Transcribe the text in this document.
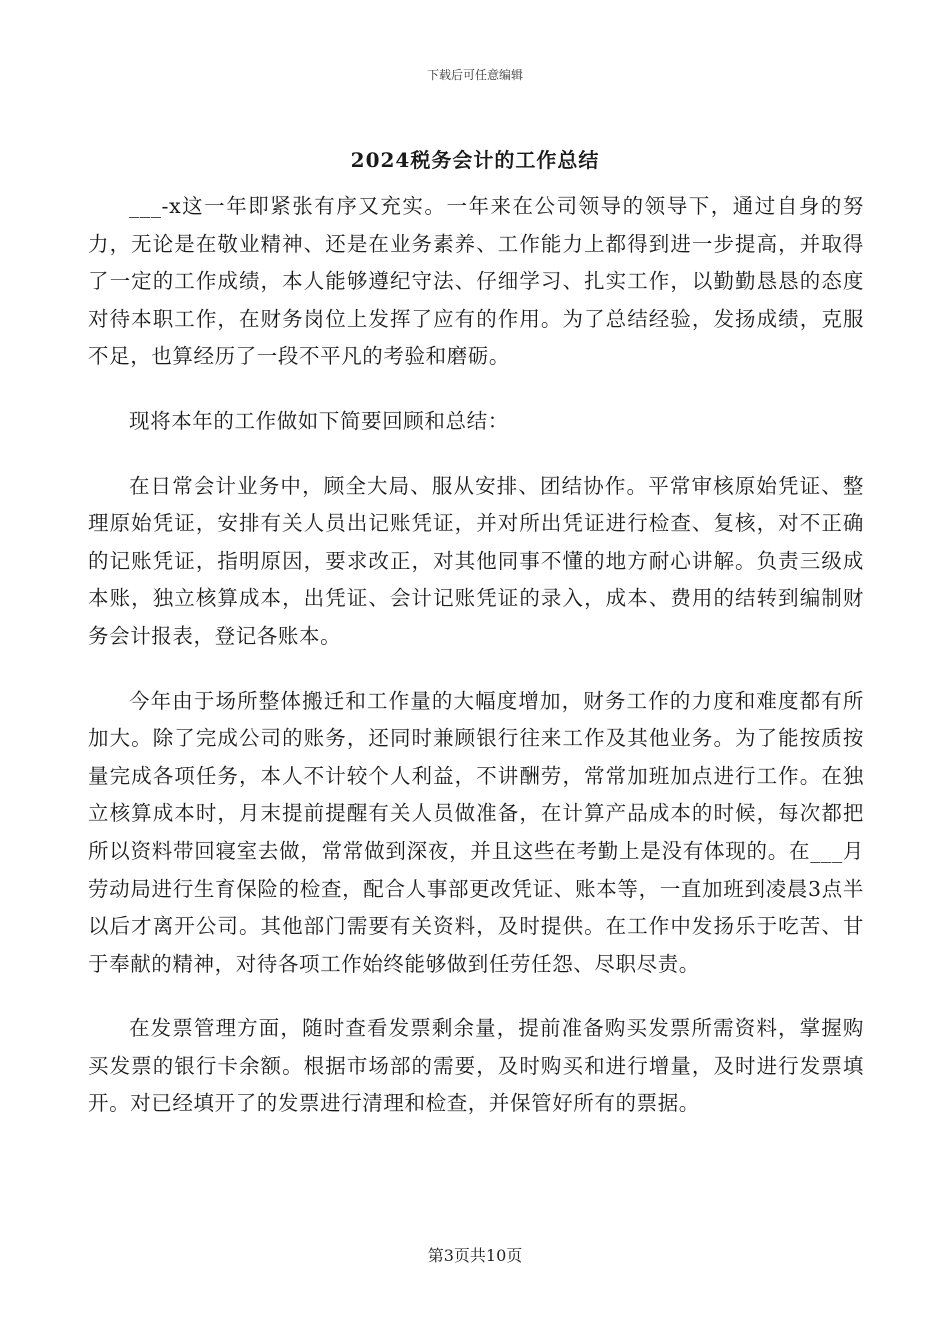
下载后可任意编辑
2024税务会计的工作总结

___-x这一年即紧张有序又充实。一年来在公司领导的领导下，通过自身的努力，无论是在敬业精神、还是在业务素养、工作能力上都得到进一步提高，并取得了一定的工作成绩，本人能够遵纪守法、仔细学习、扎实工作，以勤勤恳恳的态度对待本职工作，在财务岗位上发挥了应有的作用。为了总结经验，发扬成绩，克服不足，也算经历了一段不平凡的考验和磨砺。

现将本年的工作做如下简要回顾和总结：

在日常会计业务中，顾全大局、服从安排、团结协作。平常审核原始凭证、整理原始凭证，安排有关人员出记账凭证，并对所出凭证进行检查、复核，对不正确的记账凭证，指明原因，要求改正，对其他同事不懂的地方耐心讲解。负责三级成本账，独立核算成本，出凭证、会计记账凭证的录入，成本、费用的结转到编制财务会计报表，登记各账本。

今年由于场所整体搬迁和工作量的大幅度增加，财务工作的力度和难度都有所加大。除了完成公司的账务，还同时兼顾银行往来工作及其他业务。为了能按质按量完成各项任务，本人不计较个人利益，不讲酬劳，常常加班加点进行工作。在独立核算成本时，月末提前提醒有关人员做准备，在计算产品成本的时候，每次都把所以资料带回寝室去做，常常做到深夜，并且这些在考勤上是没有体现的。在___月劳动局进行生育保险的检查，配合人事部更改凭证、账本等，一直加班到凌晨3点半以后才离开公司。其他部门需要有关资料，及时提供。在工作中发扬乐于吃苦、甘于奉献的精神，对待各项工作始终能够做到任劳任怨、尽职尽责。

在发票管理方面，随时查看发票剩余量，提前准备购买发票所需资料，掌握购买发票的银行卡余额。根据市场部的需要，及时购买和进行增量，及时进行发票填开。对已经填开了的发票进行清理和检查，并保管好所有的票据。

第3页共10页
